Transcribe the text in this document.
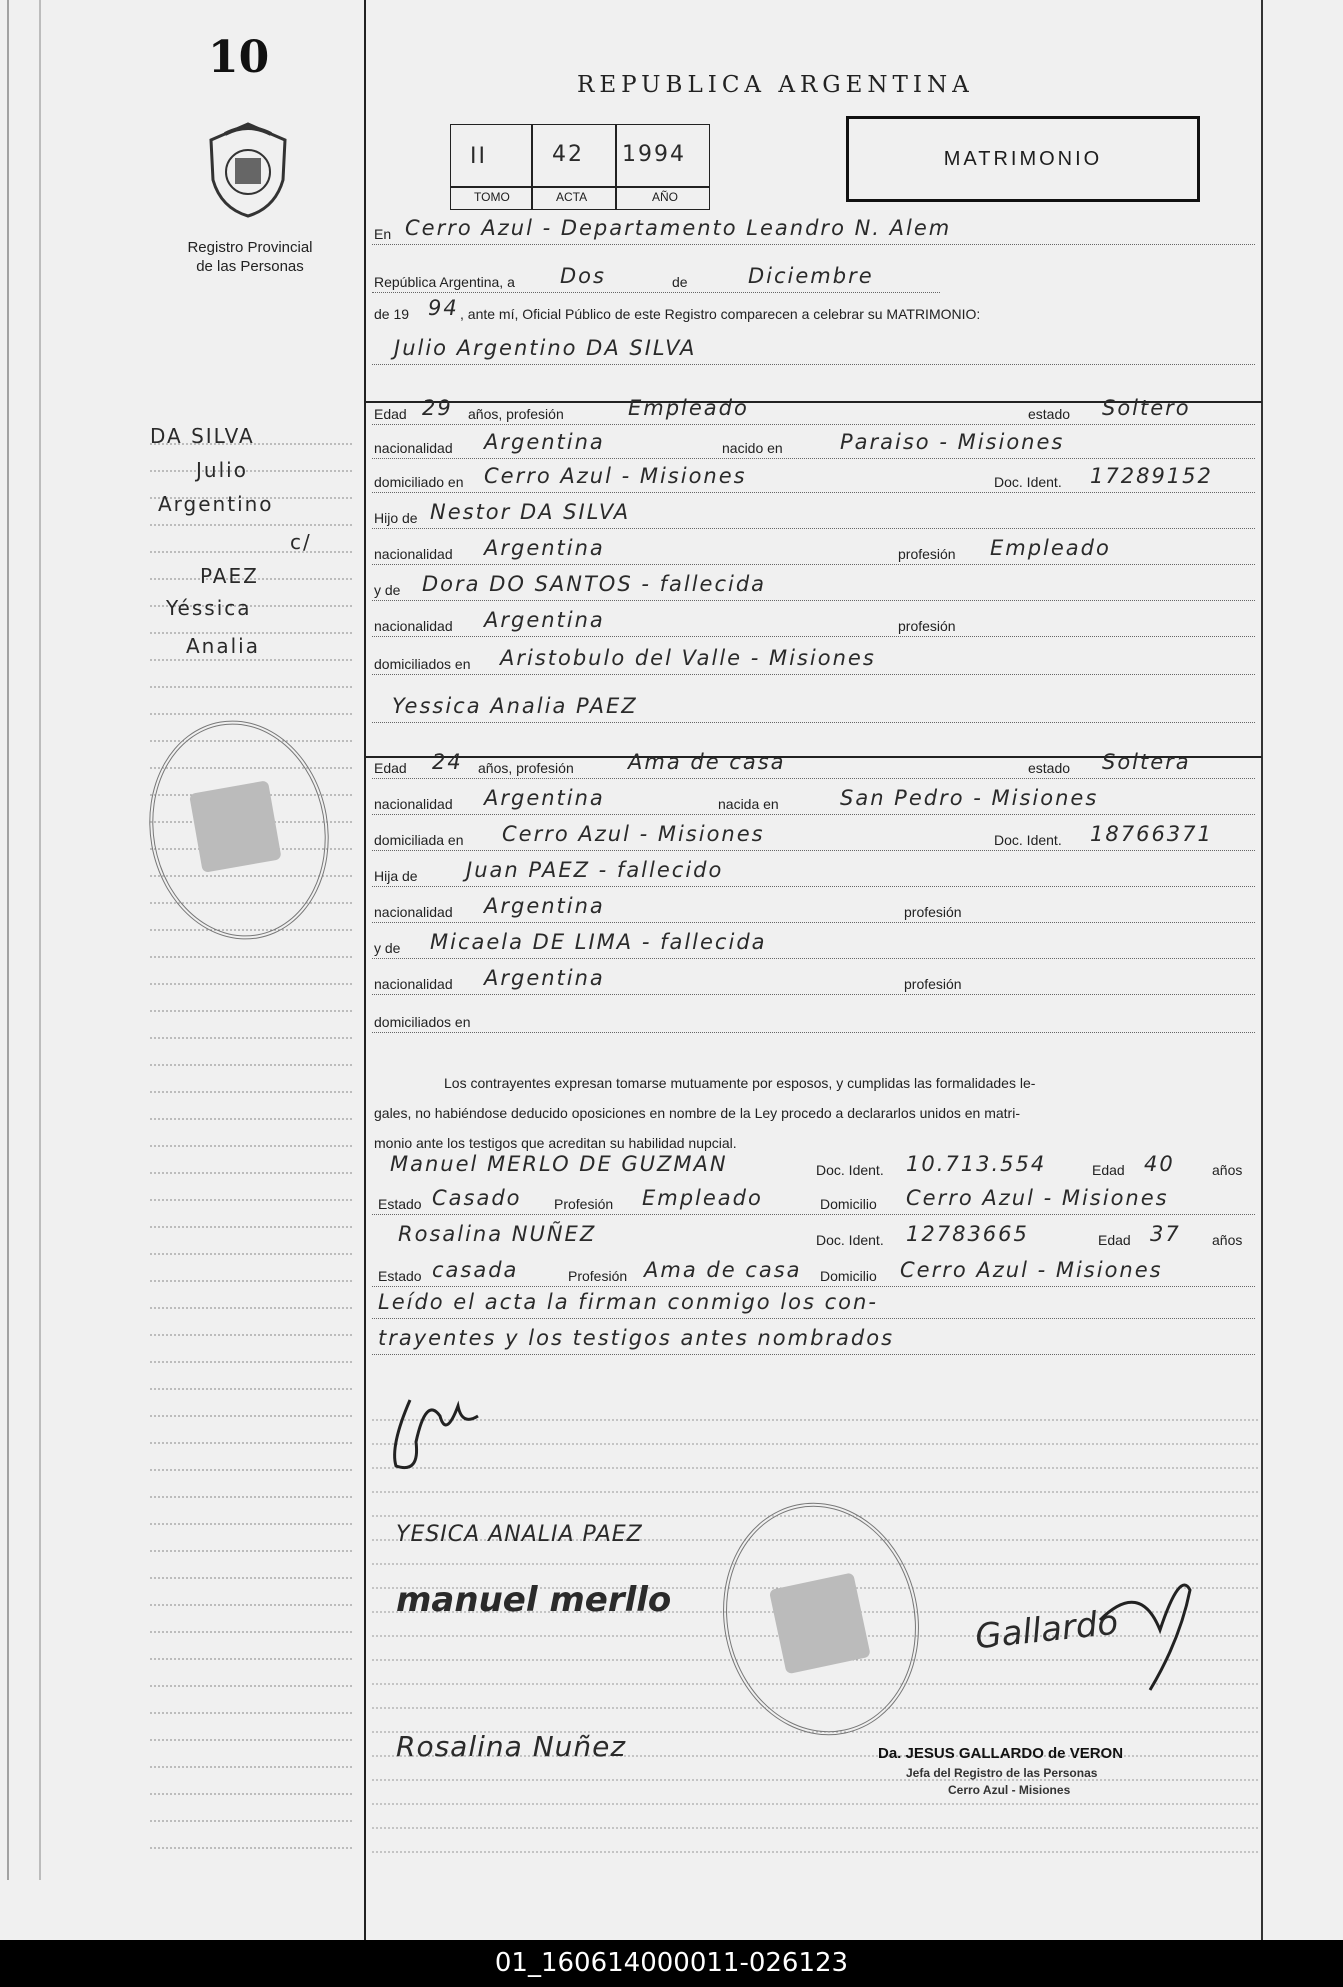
10
Registro Provincial
de las Personas
DA SILVA
Julio
Argentino
c/
PAEZ
Yéssica
Analia
REPUBLICA ARGENTINA
II	42 1994
TOMO	ACTA	AÑO
MATRIMONIO
En Cerro Azul - Departamento Leandro N. Alem
República Argentina, a Dos	de	Diciembre
de 19 94 , ante mí, Oficial Público de este Registro comparecen a celebrar su MATRIMONIO:
Julio Argentino DA SILVA
Edad 29 años, profesión	Empleado	estado Soltero
nacionalidad Argentina	nacido en	Paraiso - Misiones
domiciliado en Cerro Azul - Misiones	Doc. Ident. 17289152
Hijo de Nestor DA SILVA
nacionalidad Argentina	profesión Empleado
y de Dora DO SANTOS - fallecida
nacionalidad Argentina	profesión
domiciliados en Aristobulo del Valle - Misiones
Yessica Analia PAEZ
Edad 24 años, profesión	Ama de casa	estado Soltera
nacionalidad Argentina	nacida en	San Pedro - Misiones
domiciliada en Cerro Azul - Misiones	Doc. Ident. 18766371
Hija de Juan PAEZ - fallecido
nacionalidad Argentina	profesión
y de Micaela DE LIMA - fallecida
nacionalidad Argentina	profesión
domiciliados en
Manuel MERLO DE GUZMAN	Doc. Ident. 10.713.554	Edad 40	años
Estado Casado Profesión Empleado	Domicilio Cerro Azul - Misiones
Rosalina NUÑEZ	Doc. Ident. 12783665	Edad 37 años
Estado casada	Profesión Ama de casa Domicilio Cerro Azul - Misiones
Leído el acta la firman conmigo los con-
trayentes y los testigos antes nombrados
Los contrayentes expresan tomarse mutuamente por esposos, y cumplidas las formalidades le-
gales, no habiéndose deducido oposiciones en nombre de la Ley procedo a declararlos unidos en matri-
monio ante los testigos que acreditan su habilidad nupcial.
YESICA ANALIA PAEZ
manuel merllo
Rosalina Nuñez
Gallardo
Da. JESUS GALLARDO de VERON
Jefa del Registro de las Personas
Cerro Azul - Misiones
01_160614000011-026123
